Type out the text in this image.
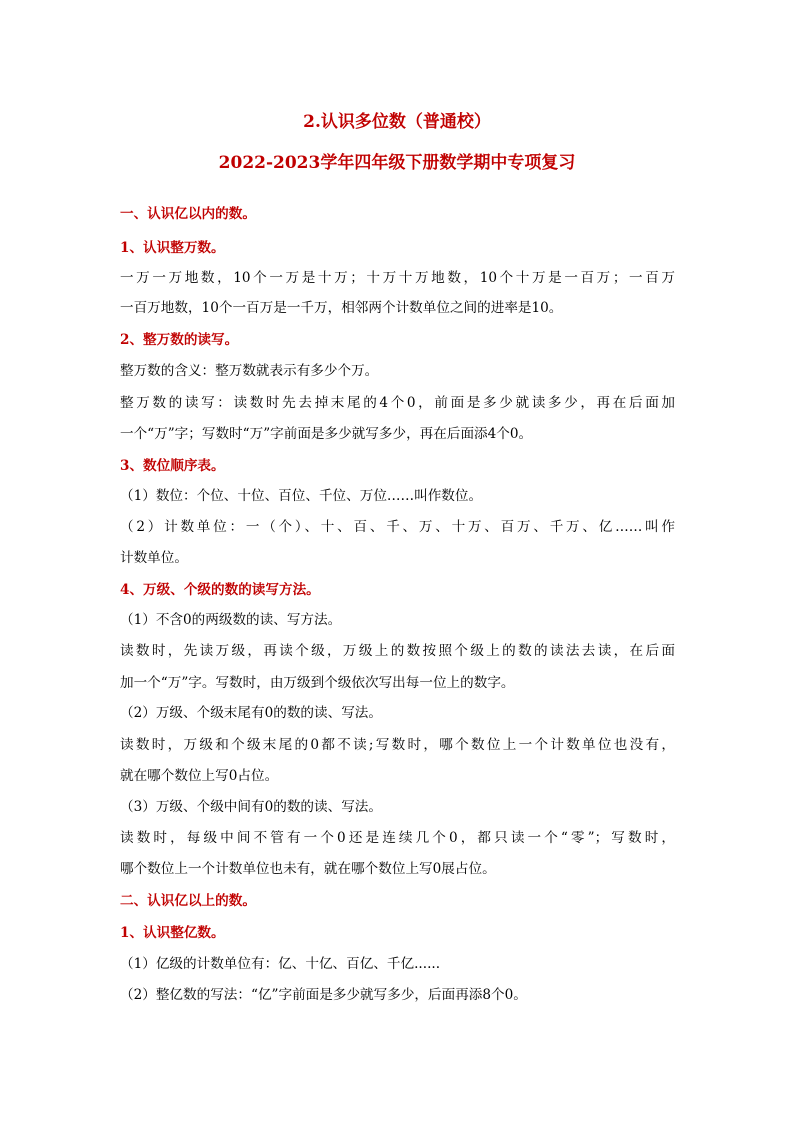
2.认识多位数（普通校）
2022-2023学年四年级下册数学期中专项复习
一、认识亿以内的数。
1、认识整万数。
一万一万地数，10个一万是十万；十万十万地数，10个十万是一百万；一百万
一百万地数，10个一百万是一千万，相邻两个计数单位之间的进率是10。
2、整万数的读写。
整万数的含义：整万数就表示有多少个万。
整万数的读写：读数时先去掉末尾的4个0，前面是多少就读多少，再在后面加
一个“万”字；写数时“万”字前面是多少就写多少，再在后面添4个0。
3、数位顺序表。
（1）数位：个位、十位、百位、千位、万位……叫作数位。
（2）计数单位：一（个）、十、百、千、万、十万、百万、千万、亿……叫作
计数单位。
4、万级、个级的数的读写方法。
（1）不含0的两级数的读、写方法。
读数时，先读万级，再读个级，万级上的数按照个级上的数的读法去读，在后面
加一个“万”字。写数时，由万级到个级依次写出每一位上的数字。
（2）万级、个级末尾有0的数的读、写法。
读数时，万级和个级末尾的0都不读;写数时，哪个数位上一个计数单位也没有，
就在哪个数位上写0占位。
（3）万级、个级中间有0的数的读、写法。
读数时，每级中间不管有一个0还是连续几个0，都只读一个“零”；写数时，
哪个数位上一个计数单位也未有，就在哪个数位上写0展占位。
二、认识亿以上的数。
1、认识整亿数。
（1）亿级的计数单位有：亿、十亿、百亿、千亿......
（2）整亿数的写法：“亿”字前面是多少就写多少，后面再添8个0。
